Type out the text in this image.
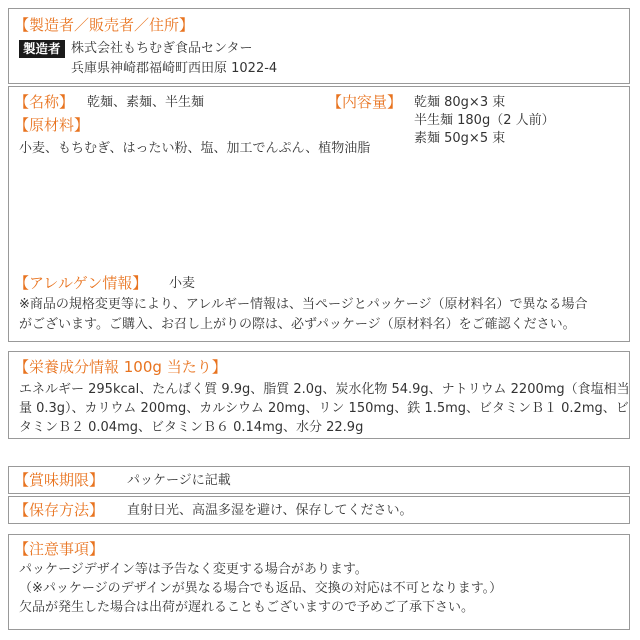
【製造者／販売者／住所】
製造者 株式会社もちむぎ食品センター
兵庫県神崎郡福崎町西田原 1022-4
【名称】 乾麺、素麺、半生麺	【内容量】 乾麺 80g×3 束
半生麺 180g（2 人前）
素麺 50g×5 束
【原材料】
小麦、もちむぎ、はったい粉、塩、加工でんぷん、植物油脂
【アレルゲン情報】 小麦
※商品の規格変更等により、アレルギー情報は、当ページとパッケージ（原材料名）で異なる場合
がございます。ご購入、お召し上がりの際は、必ずパッケージ（原材料名）をご確認ください。
【栄養成分情報 100g 当たり】
エネルギー 295kcal、たんぱく質 9.9g、脂質 2.0g、炭水化物 54.9g、ナトリウム 2200mg（食塩相当
量 0.3g）、カリウム 200mg、カルシウム 20mg、リン 150mg、鉄 1.5mg、ビタミンＢ１ 0.2mg、ビ
タミンＢ２ 0.04mg、ビタミンＢ６ 0.14mg、水分 22.9g
【賞味期限】 パッケージに記載
【保存方法】 直射日光、高温多湿を避け、保存してください。
【注意事項】
パッケージデザイン等は予告なく変更する場合があります。
（※パッケージのデザインが異なる場合でも返品、交換の対応は不可となります。）
欠品が発生した場合は出荷が遅れることもございますので予めご了承下さい。
